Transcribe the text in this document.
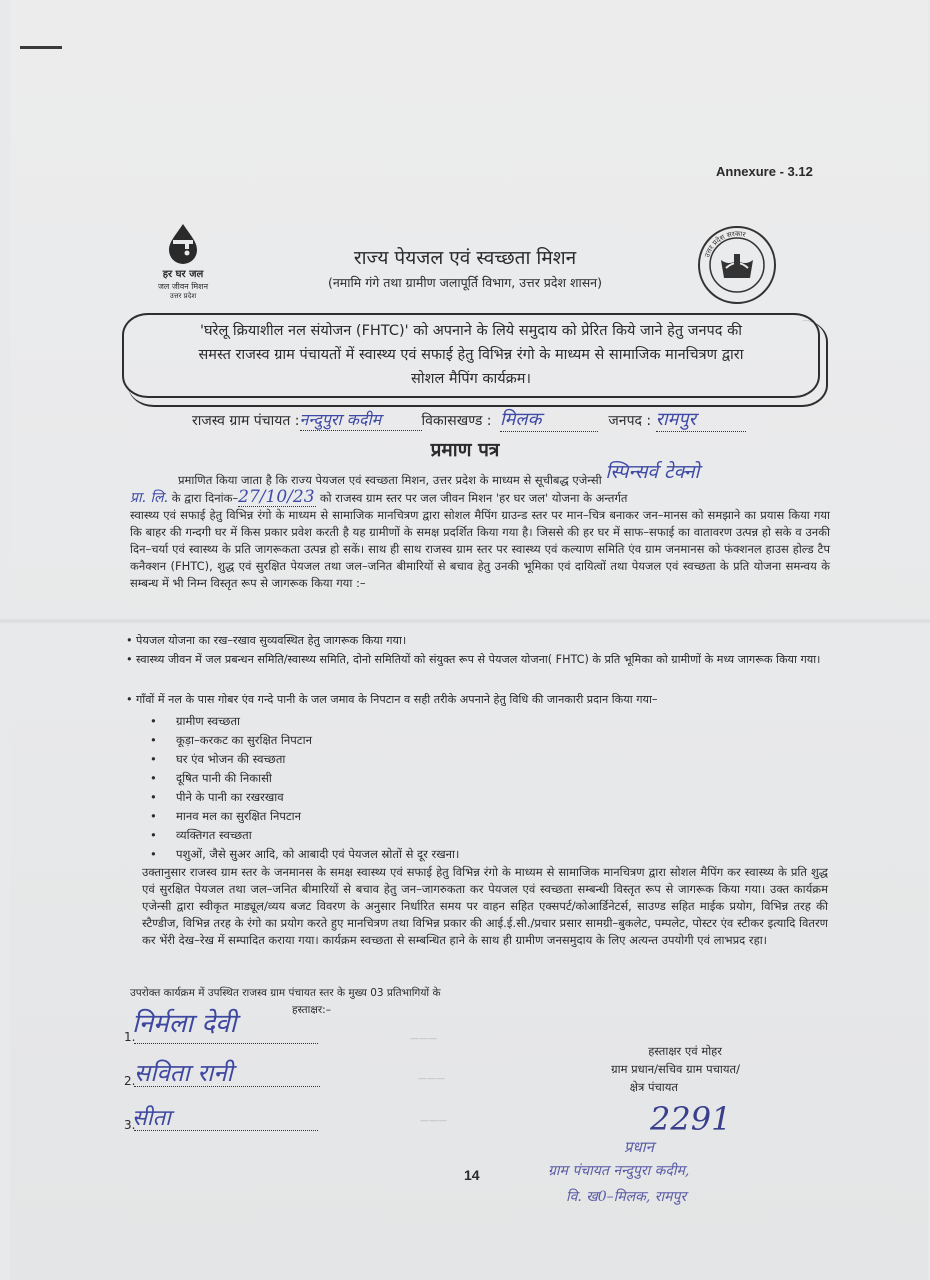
Annexure - 3.12
हर घर जल
जल जीवन मिशन
उत्तर प्रदेश
उत्तर प्रदेश सरकार
राज्य पेयजल एवं स्वच्छता मिशन
(नमामि गंगे तथा ग्रामीण जलापूर्ति विभाग, उत्तर प्रदेश शासन)
'घरेलू क्रियाशील नल संयोजन (FHTC)' को अपनाने के लिये समुदाय को प्रेरित किये जाने हेतु जनपद की
समस्त राजस्व ग्राम पंचायतों में स्वास्थ्य एवं सफाई हेतु विभिन्न रंगो के माध्यम से सामाजिक मानचित्रण द्वारा
सोशल मैपिंग कार्यक्रम।
राजस्व ग्राम पंचायत :नन्दुपुरा कदीम	विकासखण्ड : मिलक	जनपद : रामपुर
प्रमाण पत्र
प्रमाणित किया जाता है कि राज्य पेयजल एवं स्वच्छता मिशन, उत्तर प्रदेश के माध्यम से सूचीबद्ध एजेन्सी स्पिन्सर्व टेक्नो
प्रा. लि. के द्वारा दिनांक–27/10/23 को राजस्व ग्राम स्तर पर जल जीवन मिशन 'हर घर जल' योजना के अन्तर्गत
स्वास्थ्य एवं सफाई हेतु विभिन्न रंगो के माध्यम से सामाजिक मानचित्रण द्वारा सोशल मैपिंग ग्राउन्ड स्तर पर मान–चित्र बनाकर जन–मानस को समझाने का प्रयास किया गया कि बाहर की गन्दगी घर में किस प्रकार प्रवेश करती है यह ग्रामीणों के समक्ष प्रदर्शित किया गया है। जिससे की हर घर में साफ–सफाई का वातावरण उत्पन्न हो सके व उनकी दिन–चर्या एवं स्वास्थ्य के प्रति जागरूकता उत्पन्न हो सकें। साथ ही साथ राजस्व ग्राम स्तर पर स्वास्थ्य एवं कल्याण समिति एंव ग्राम जनमानस को फंक्शनल हाउस होल्ड टैप कनैक्शन (FHTC), शुद्ध एवं सुरक्षित पेयजल तथा जल–जनित बीमारियों से बचाव हेतु उनकी भूमिका एवं दायित्वों तथा पेयजल एवं स्वच्छता के प्रति योजना समन्वय के सम्बन्ध में भी निम्न विस्तृत रूप से जागरूक किया गया :–
• पेयजल योजना का रख–रखाव सुव्यवस्थित हेतु जागरूक किया गया।
• स्वास्थ्य जीवन में जल प्रबन्धन समिति/स्वास्थ्य समिति, दोनो समितियों को संयुक्त रूप से पेयजल योजना( FHTC) के प्रति भूमिका को ग्रामीणों के मध्य जागरूक किया गया।
• गाँवों में नल के पास गोबर एंव गन्दे पानी के जल जमाव के निपटान व सही तरीके अपनाने हेतु विधि की जानकारी प्रदान किया गया–
• ग्रामीण स्वच्छता
• कूड़ा–करकट का सुरक्षित निपटान
• घर एंव भोजन की स्वच्छता
• दूषित पानी की निकासी
• पीने के पानी का रखरखाव
• मानव मल का सुरक्षित निपटान
• व्यक्तिगत स्वच्छता
• पशुओं, जैसे सुअर आदि, को आबादी एवं पेयजल स्रोतों से दूर रखना।
उक्तानुसार राजस्व ग्राम स्तर के जनमानस के समक्ष स्वास्थ्य एवं सफाई हेतु विभिन्न रंगो के माध्यम से सामाजिक मानचित्रण द्वारा सोशल मैपिंग कर स्वास्थ्य के प्रति शुद्ध एवं सुरक्षित पेयजल तथा जल–जनित बीमारियों से बचाव हेतु जन–जागरुकता कर पेयजल एवं स्वच्छता सम्बन्धी विस्तृत रूप से जागरूक किया गया। उक्त कार्यक्रम एजेन्सी द्वारा स्वीकृत माड्यूल/व्यय बजट विवरण के अनुसार निर्धारित समय पर वाहन सहित एक्सपर्ट/कोआर्डिनेटर्स, साउण्ड सहित माईक प्रयोग, विभिन्न तरह की स्टैण्डीज, विभिन्न तरह के रंगो का प्रयोग करते हुए मानचित्रण तथा विभिन्न प्रकार की आई.ई.सी./प्रचार प्रसार सामग्री–बुकलेट, पम्पलेट, पोस्टर एंव स्टीकर इत्यादि वितरण कर भेंरी देख–रेख में सम्पादित कराया गया। कार्यक्रम स्वच्छता से सम्बन्धित हाने के साथ ही ग्रामीण जनसमुदाय के लिए अत्यन्त उपयोगी एवं लाभप्रद रहा।
उपरोक्त कार्यक्रम में उपस्थित राजस्व ग्राम पंचायत स्तर के मुख्य 03 प्रतिभागियों के
हस्ताक्षर:–
1.
निर्मला देवी	———
2.
सविता रानी	———
3.
सीता	———
हस्ताक्षर एवं मोहर
ग्राम प्रधान/सचिव ग्राम पचायत/
क्षेत्र पंचायत
2291
प्रधान
ग्राम पंचायत नन्दुपुरा कदीम,
वि. ख0–मिलक, रामपुर
14
